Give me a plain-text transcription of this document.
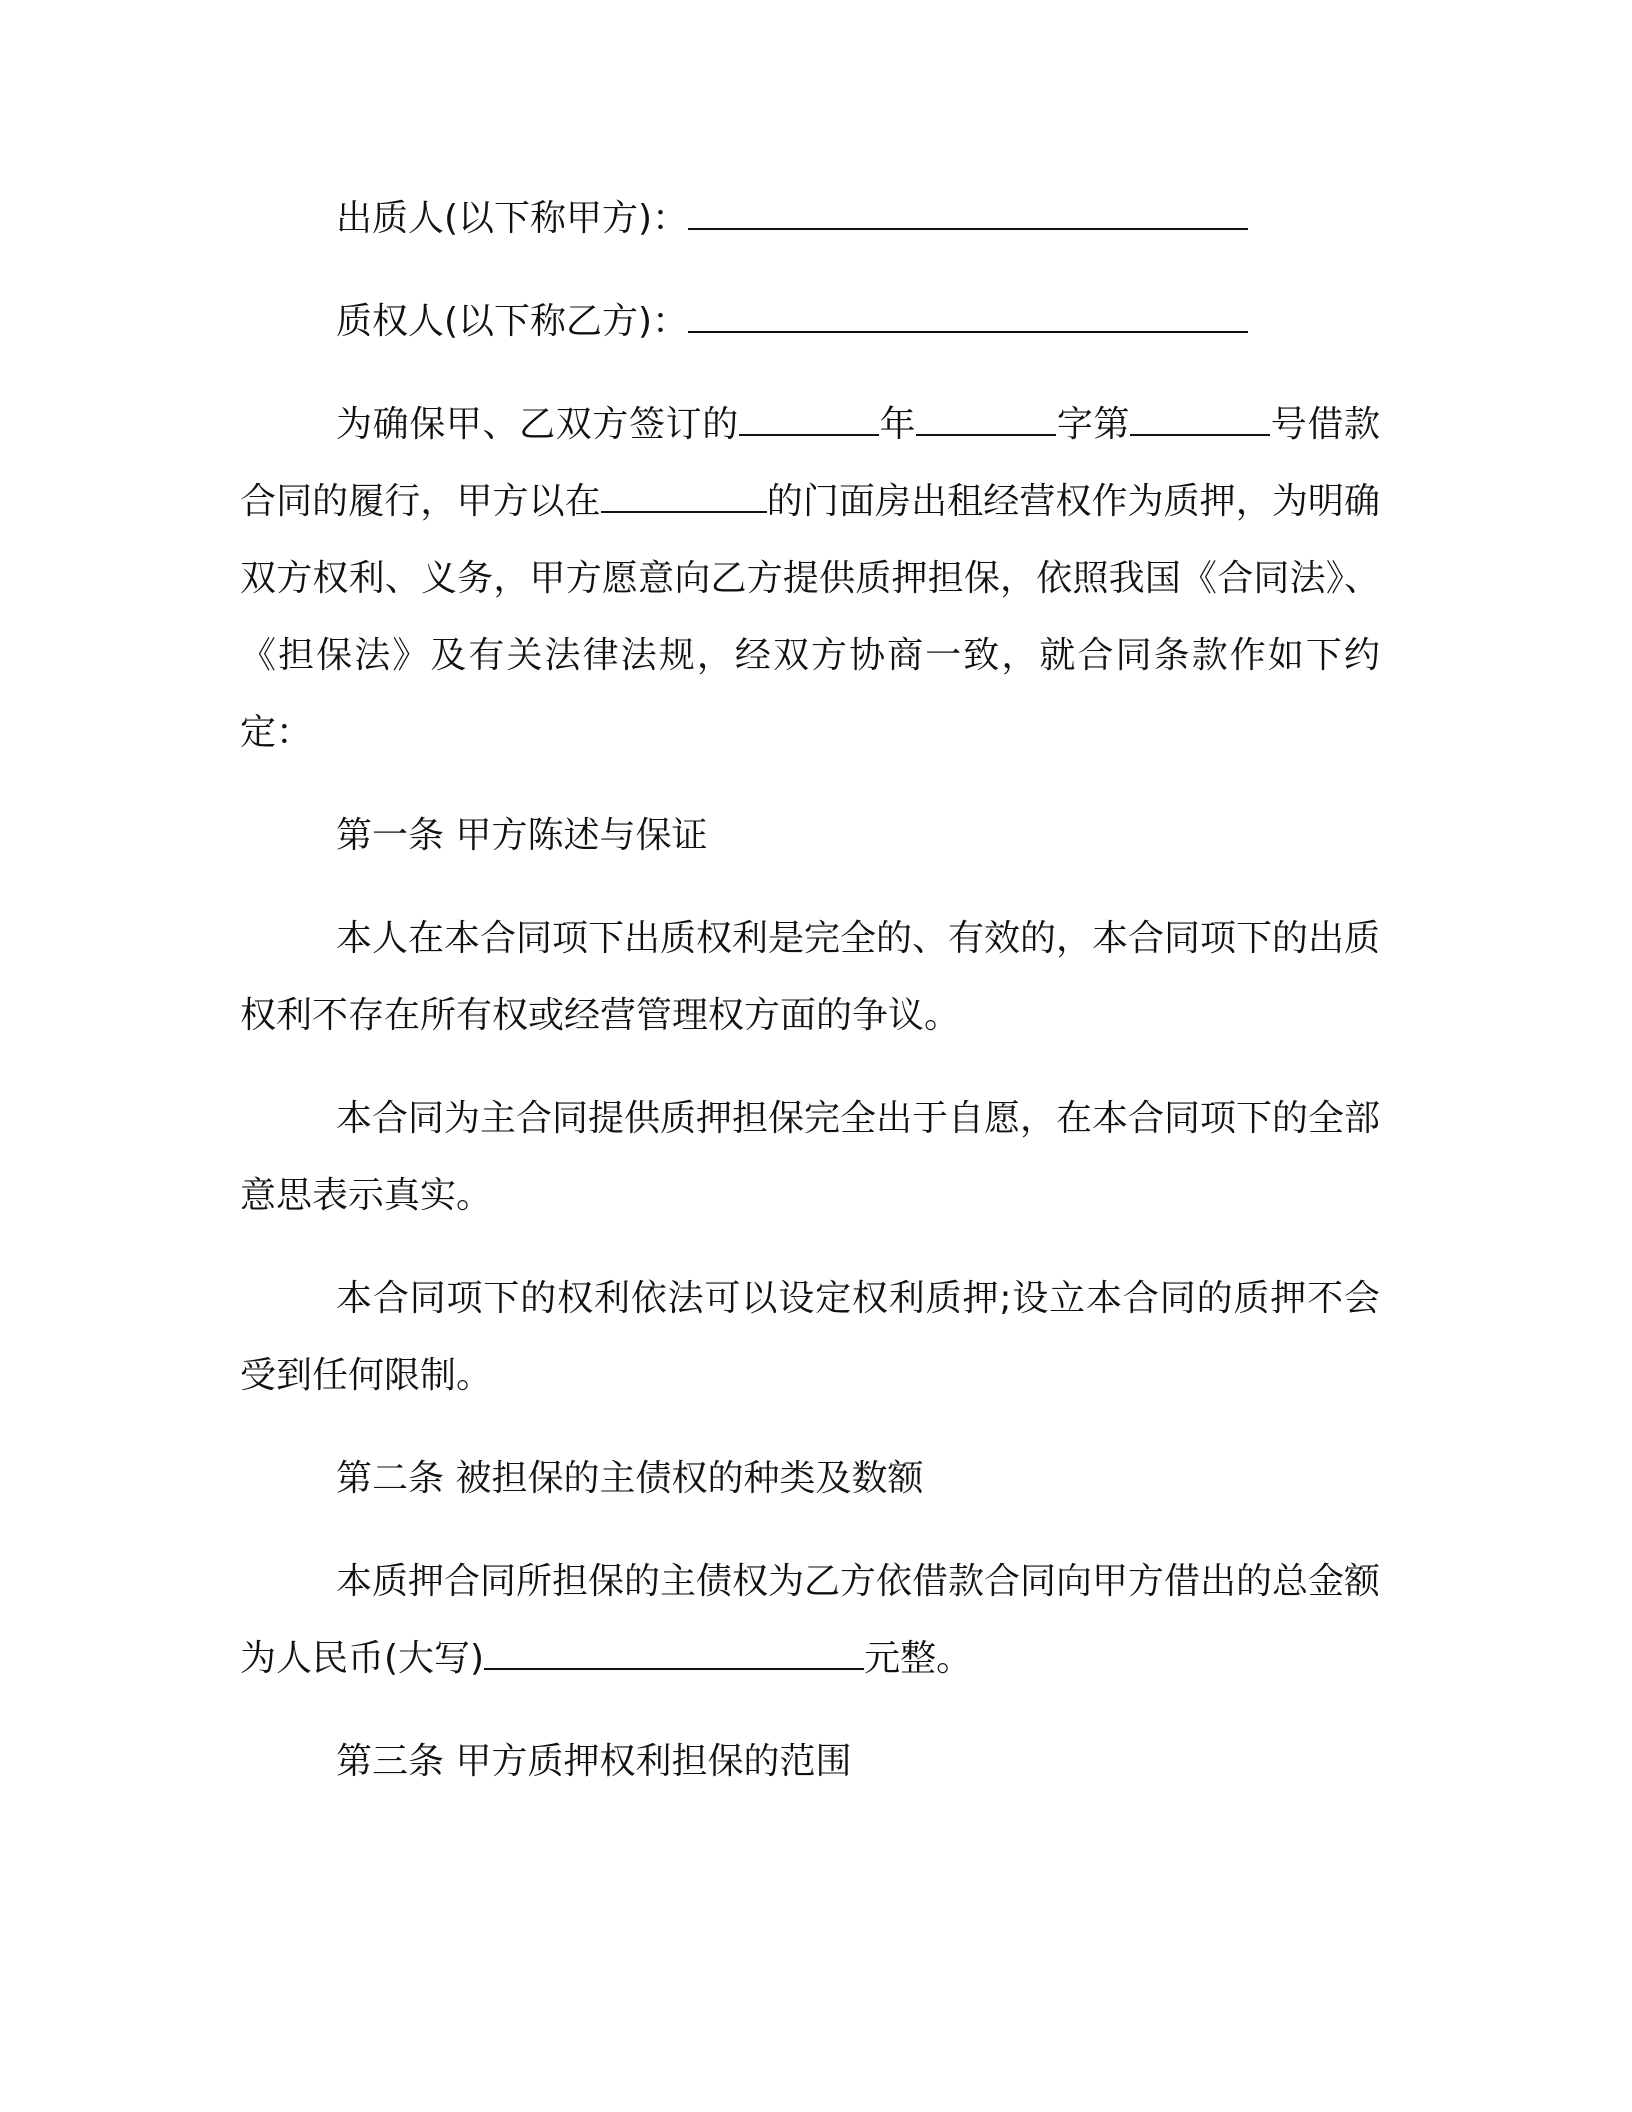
出质人(以下称甲方)：
质权人(以下称乙方)：

为确保甲、乙双方签订的	年	字第	号借款合同的履行，甲方以在	的门面房出租经营权作为质押，为明确双方权利、义务，甲方愿意向乙方提供质押担保，依照我国《合同法》、《担保法》及有关法律法规，经双方协商一致，就合同条款作如下约定：

第一条 甲方陈述与保证

本人在本合同项下出质权利是完全的、有效的，本合同项下的出质权利不存在所有权或经营管理权方面的争议。

本合同为主合同提供质押担保完全出于自愿，在本合同项下的全部意思表示真实。

本合同项下的权利依法可以设定权利质押;设立本合同的质押不会受到任何限制。

第二条 被担保的主债权的种类及数额

本质押合同所担保的主债权为乙方依借款合同向甲方借出的总金额为人民币(大写)	元整。

第三条 甲方质押权利担保的范围
